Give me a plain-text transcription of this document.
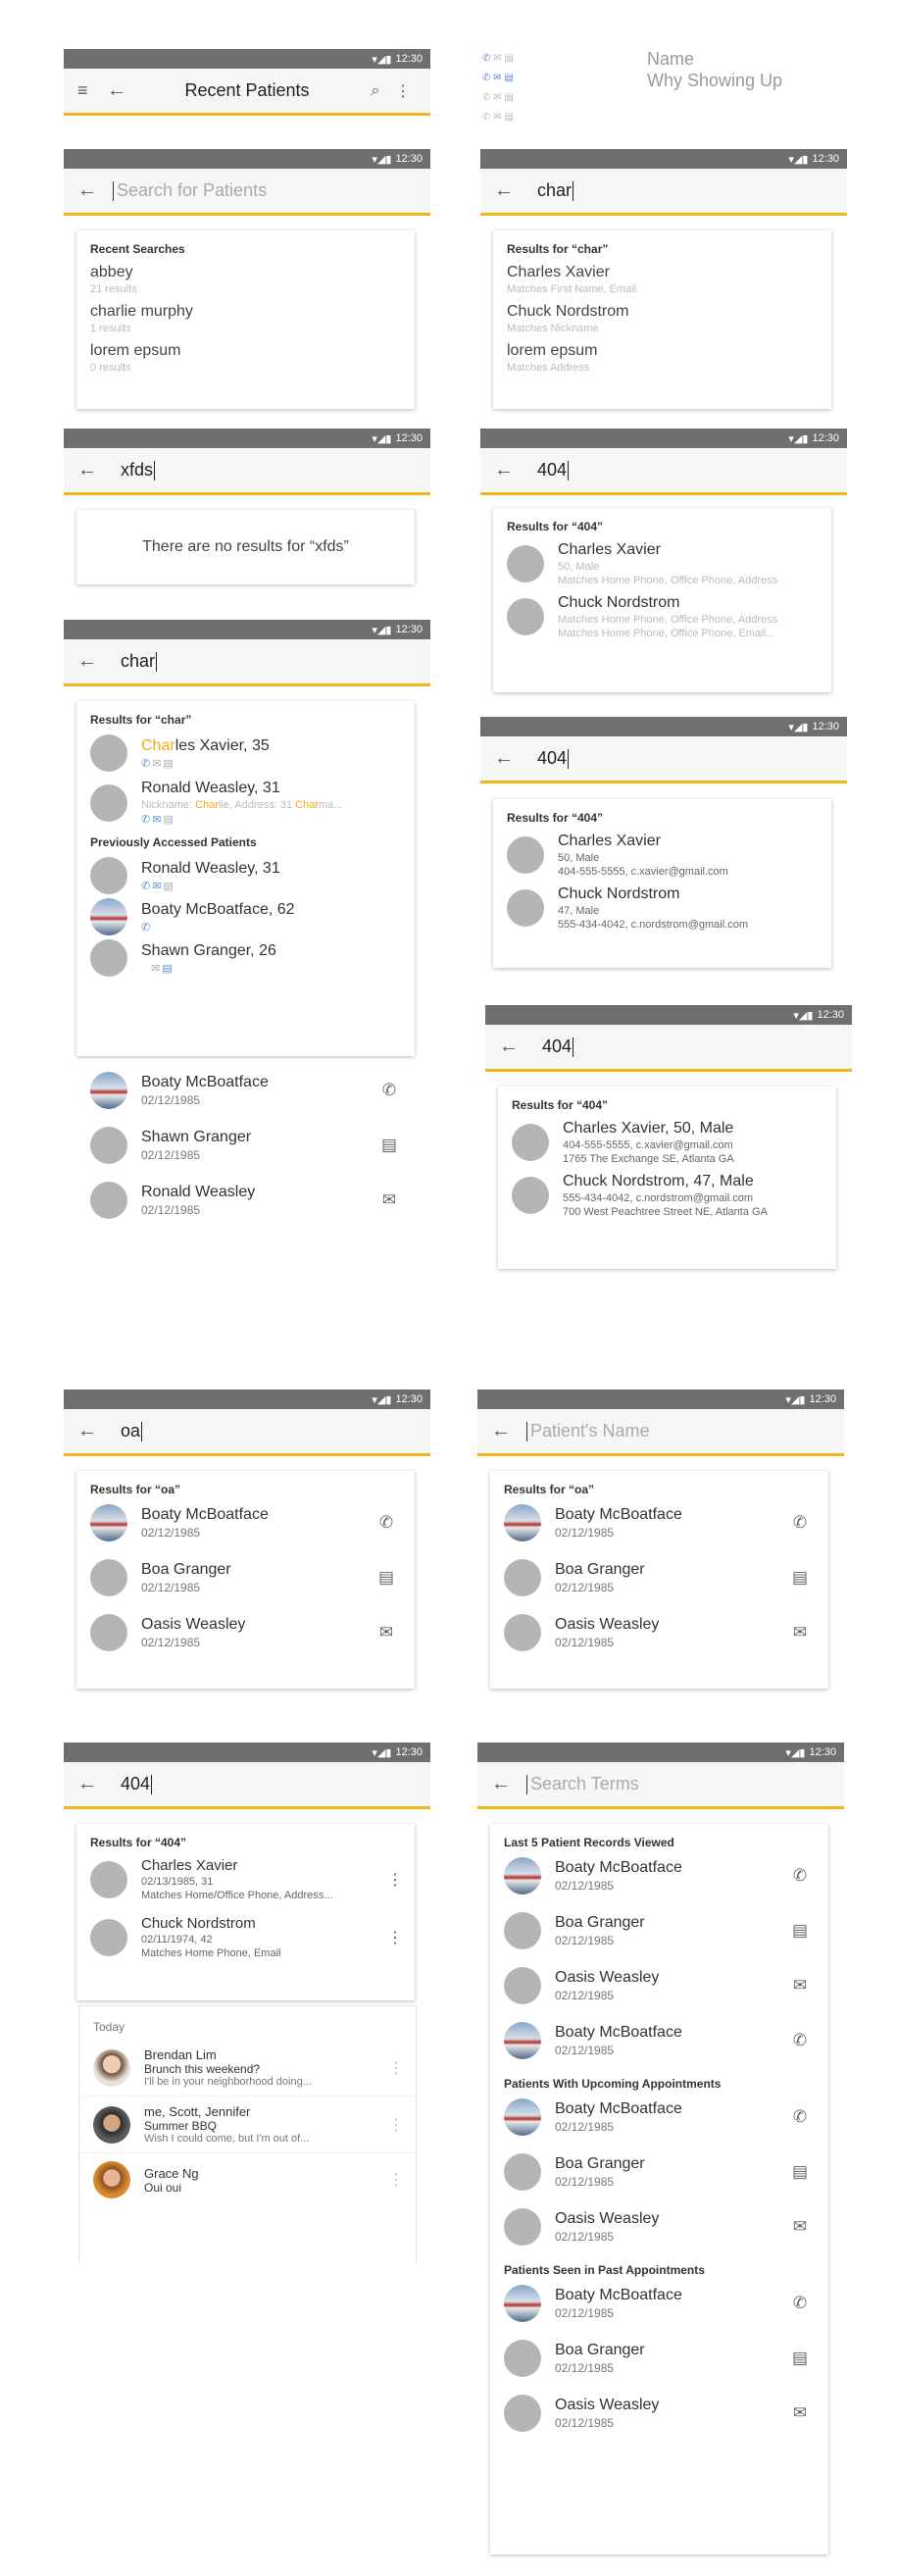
▾◢▮ 12:30
≡ ←	Recent Patients	⌕ ⋮
✆ ✉ ▤
✆ ✉ ▤
✆ ✉ ▤
✆ ✉ ▤
Name
Why Showing Up
▾◢▮ 12:30
←	Search for Patients
Recent Searches
abbey
21 results
charlie murphy
1 results
lorem epsum
0 results
▾◢▮ 12:30
←	char
Results for “char”
Charles Xavier
Matches First Name, Email
Chuck Nordstrom
Matches Nickname
lorem epsum
Matches Address
▾◢▮ 12:30
←	xfds
There are no results for “xfds”
▾◢▮ 12:30
←	404
Results for “404”
Charles Xavier
50, Male
Matches Home Phone, Office Phone, Address
Chuck Nordstrom
Matches Home Phone, Office Phone, Address
Matches Home Phone, Office Phone, Email...
▾◢▮ 12:30
←	char
Results for “char”
Charles Xavier, 35
✆✉▤
Ronald Weasley, 31
Nickname: Charlie, Address: 31 Charma...
✆✉▤
Previously Accessed Patients
Ronald Weasley, 31
✆✉▤
Boaty McBoatface, 62
✆
Shawn Granger, 26
✉▤
Boaty McBoatface
02/12/1985
✆
Shawn Granger
02/12/1985
▤
Ronald Weasley
02/12/1985
✉
▾◢▮ 12:30
←	404
Results for “404”
Charles Xavier
50, Male
404-555-5555, c.xavier@gmail.com
Chuck Nordstrom
47, Male
555-434-4042, c.nordstrom@gmail.com
▾◢▮ 12:30
←	404
Results for “404”
Charles Xavier, 50, Male
404-555-5555, c.xavier@gmail.com
1765 The Exchange SE, Atlanta GA
Chuck Nordstrom, 47, Male
555-434-4042, c.nordstrom@gmail.com
700 West Peachtree Street NE, Atlanta GA
▾◢▮ 12:30
←	oa
Results for “oa”
Boaty McBoatface
02/12/1985
✆
Boa Granger
02/12/1985
▤
Oasis Weasley
02/12/1985
✉
▾◢▮ 12:30
←	Patient's Name
Results for “oa”
Boaty McBoatface
02/12/1985
✆
Boa Granger
02/12/1985
▤
Oasis Weasley
02/12/1985
✉
▾◢▮ 12:30
←	404
Results for “404”
Charles Xavier
02/13/1985, 31
Matches Home/Office Phone, Address...
⋮
Chuck Nordstrom
02/11/1974, 42
Matches Home Phone, Email
⋮
Today
Brendan Lim
Brunch this weekend?
I'll be in your neighborhood doing...
⋮
me, Scott, Jennifer
Summer BBQ
Wish I could come, but I'm out of...
⋮
Grace Ng
Oui oui	⋮
▾◢▮ 12:30
←	Search Terms
Last 5 Patient Records Viewed
Boaty McBoatface
02/12/1985
✆
Boa Granger
02/12/1985
▤
Oasis Weasley
02/12/1985
✉
Boaty McBoatface
02/12/1985
✆
Patients With Upcoming Appointments
Boaty McBoatface
02/12/1985
✆
Boa Granger
02/12/1985
▤
Oasis Weasley
02/12/1985
✉
Patients Seen in Past Appointments
Boaty McBoatface
02/12/1985
✆
Boa Granger
02/12/1985
▤
Oasis Weasley
02/12/1985
✉
